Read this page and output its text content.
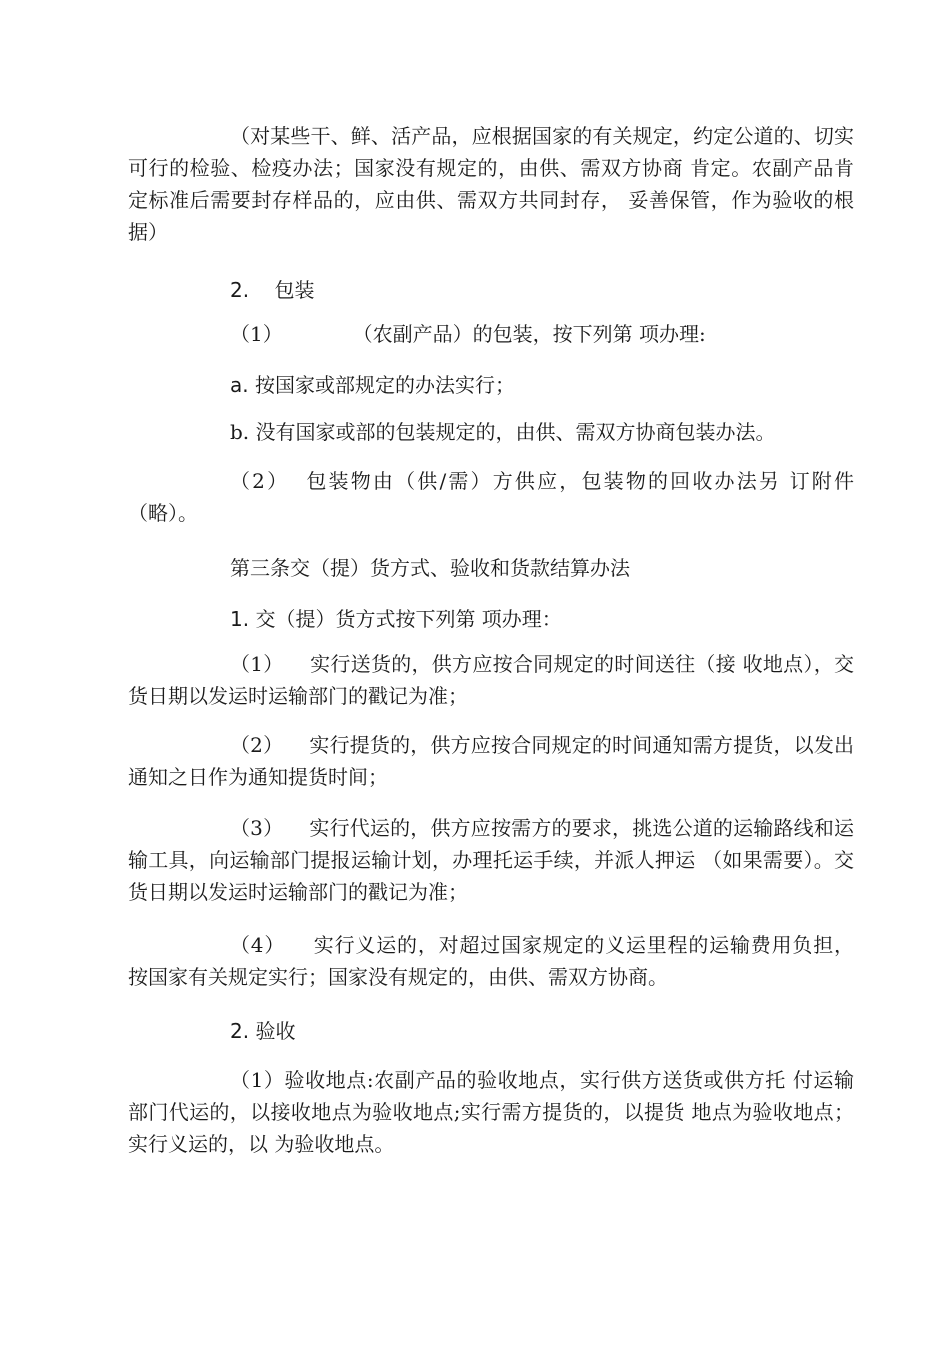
（对某些干、鲜、活产品，应根据国家的有关规定，约定公道的、切实可行的检验、检疫办法；国家没有规定的，由供、需双方协商 肯定。农副产品肯定标准后需要封存样品的，应由供、需双方共同封存， 妥善保管，作为验收的根据）

2.    包装

（1）           （农副产品）的包装，按下列第 项办理:

a. 按国家或部规定的办法实行；

b. 没有国家或部的包装规定的，由供、需双方协商包装办法。

（2）  包装物由（供/需）方供应，包装物的回收办法另 订附件（略）。

第三条交（提）货方式、验收和货款结算办法

1. 交（提）货方式按下列第 项办理：

（1）    实行送货的，供方应按合同规定的时间送往（接 收地点），交货日期以发运时运输部门的戳记为准；

（2）    实行提货的，供方应按合同规定的时间通知需方提货，以发出通知之日作为通知提货时间；

（3）    实行代运的，供方应按需方的要求，挑选公道的运输路线和运输工具，向运输部门提报运输计划，办理托运手续，并派人押运 （如果需要）。交货日期以发运时运输部门的戳记为准；

（4）    实行义运的，对超过国家规定的义运里程的运输费用负担， 按国家有关规定实行；国家没有规定的，由供、需双方协商。

2. 验收

（1）验收地点:农副产品的验收地点，实行供方送货或供方托 付运输部门代运的，以接收地点为验收地点;实行需方提货的，以提货 地点为验收地点；实行义运的，以 为验收地点。
